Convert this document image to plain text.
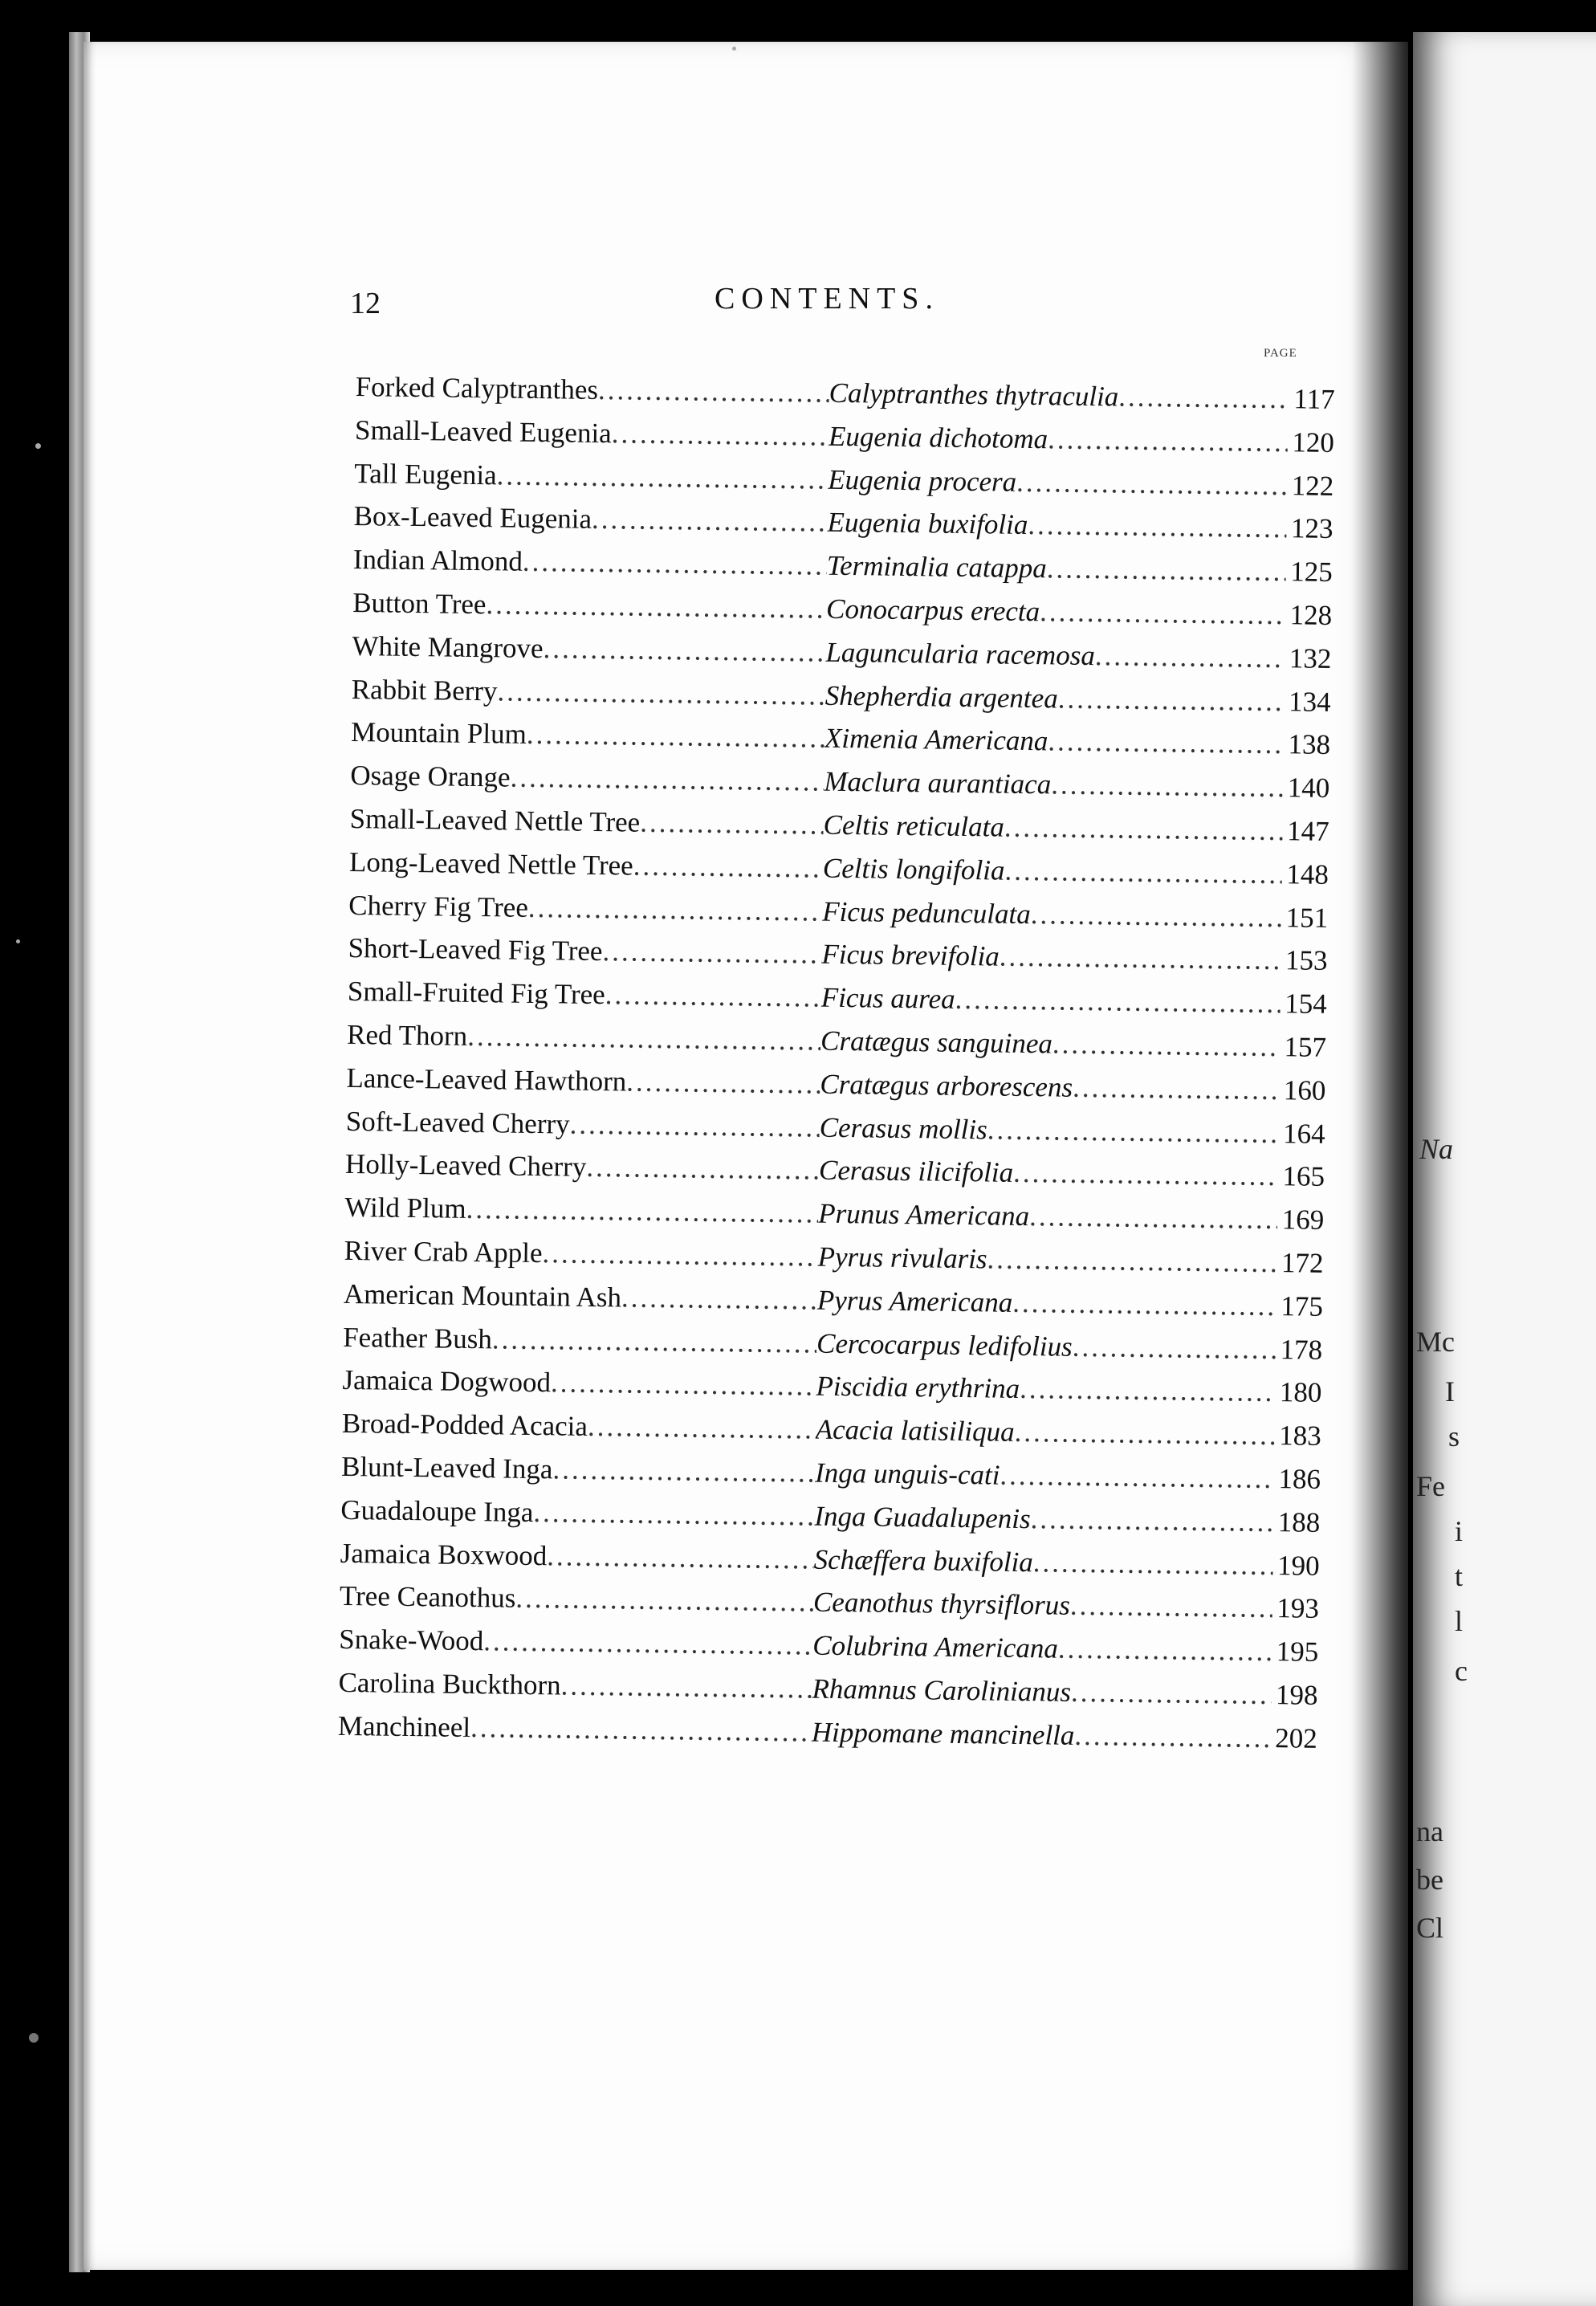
Na
Mc
I
s
Fe
i
t
l
c
na
be
Cl
12	CONTENTS.
PAGE
Forked Calyptranthes .....	Calyptranthes thytraculia .....	117
Small-Leaved Eugenia .....	Eugenia dichotoma .....	120
Tall Eugenia .....	Eugenia procera .....	122
Box-Leaved Eugenia .....	Eugenia buxifolia .....	123
Indian Almond .....	Terminalia catappa .....	125
Button Tree .....	Conocarpus erecta .....	128
White Mangrove .....	Laguncularia racemosa .....	132
Rabbit Berry .....	Shepherdia argentea .....	134
Mountain Plum .....	Ximenia Americana .....	138
Osage Orange .....	Maclura aurantiaca .....	140
Small-Leaved Nettle Tree .....	Celtis reticulata .....	147
Long-Leaved Nettle Tree .....	Celtis longifolia .....	148
Cherry Fig Tree .....	Ficus pedunculata .....	151
Short-Leaved Fig Tree .....	Ficus brevifolia .....	153
Small-Fruited Fig Tree .....	Ficus aurea .....	154
Red Thorn .....	Cratægus sanguinea .....	157
Lance-Leaved Hawthorn .....	Cratægus arborescens .....	160
Soft-Leaved Cherry .....	Cerasus mollis .....	164
Holly-Leaved Cherry .....	Cerasus ilicifolia .....	165
Wild Plum .....	Prunus Americana .....	169
River Crab Apple .....	Pyrus rivularis .....	172
American Mountain Ash .....	Pyrus Americana .....	175
Feather Bush .....	Cercocarpus ledifolius .....	178
Jamaica Dogwood .....	Piscidia erythrina .....	180
Broad-Podded Acacia .....	Acacia latisiliqua .....	183
Blunt-Leaved Inga .....	Inga unguis-cati .....	186
Guadaloupe Inga .....	Inga Guadalupenis .....	188
Jamaica Boxwood .....	Schæffera buxifolia .....	190
Tree Ceanothus .....	Ceanothus thyrsiflorus .....	193
Snake-Wood .....	Colubrina Americana .....	195
Carolina Buckthorn .....	Rhamnus Carolinianus .....	198
Manchineel .....	Hippomane mancinella .....	202
